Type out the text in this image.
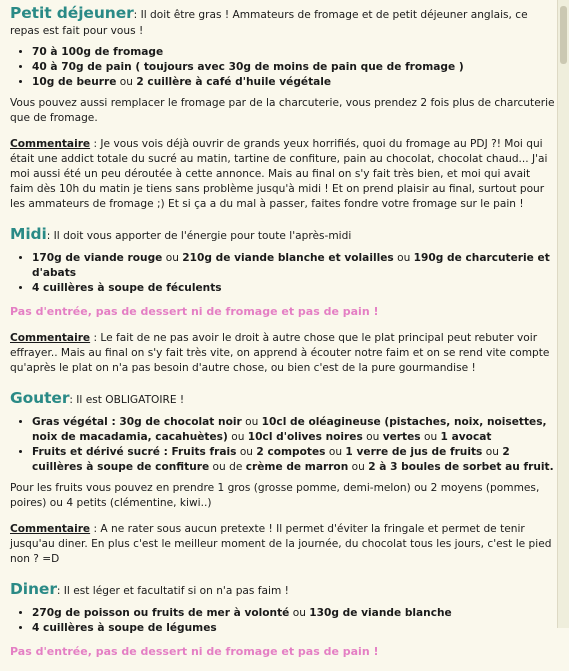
Petit déjeuner: Il doit être gras ! Ammateurs de fromage et de petit déjeuner anglais, ce repas est fait pour vous !

• 70 à 100g de fromage
• 40 à 70g de pain ( toujours avec 30g de moins de pain que de fromage )
• 10g de beurre ou 2 cuillère à café d'huile végétale

Vous pouvez aussi remplacer le fromage par de la charcuterie, vous prendez 2 fois plus de charcuterie que de fromage.

Commentaire : Je vous vois déjà ouvrir de grands yeux horrifiés, quoi du fromage au PDJ ?! Moi qui était une addict totale du sucré au matin, tartine de confiture, pain au chocolat, chocolat chaud... J'ai moi aussi été un peu déroutée à cette annonce. Mais au final on s'y fait très bien, et moi qui avait faim dès 10h du matin je tiens sans problème jusqu'à midi ! Et on prend plaisir au final, surtout pour les ammateurs de fromage ;) Et si ça a du mal à passer, faites fondre votre fromage sur le pain !

Midi: Il doit vous apporter de l'énergie pour toute l'après-midi

• 170g de viande rouge ou 210g de viande blanche et volailles ou 190g de charcuterie et d'abats
• 4 cuillères à soupe de féculents

Pas d'entrée, pas de dessert ni de fromage et pas de pain !

Commentaire : Le fait de ne pas avoir le droit à autre chose que le plat principal peut rebuter voir effrayer.. Mais au final on s'y fait très vite, on apprend à écouter notre faim et on se rend vite compte qu'après le plat on n'a pas besoin d'autre chose, ou bien c'est de la pure gourmandise !

Gouter: Il est OBLIGATOIRE !

• Gras végétal : 30g de chocolat noir ou 10cl de oléagineuse (pistaches, noix, noisettes, noix de macadamia, cacahuètes) ou 10cl d'olives noires ou vertes ou 1 avocat
• Fruits et dérivé sucré : Fruits frais ou 2 compotes ou 1 verre de jus de fruits ou 2 cuillères à soupe de confiture ou de crème de marron ou 2 à 3 boules de sorbet au fruit.

Pour les fruits vous pouvez en prendre 1 gros (grosse pomme, demi-melon) ou 2 moyens (pommes, poires) ou 4 petits (clémentine, kiwi..)

Commentaire : A ne rater sous aucun pretexte ! Il permet d'éviter la fringale et permet de tenir jusqu'au diner. En plus c'est le meilleur moment de la journée, du chocolat tous les jours, c'est le pied non ? =D

Diner: Il est léger et facultatif si on n'a pas faim !

• 270g de poisson ou fruits de mer à volonté ou 130g de viande blanche
• 4 cuillères à soupe de légumes

Pas d'entrée, pas de dessert ni de fromage et pas de pain !
